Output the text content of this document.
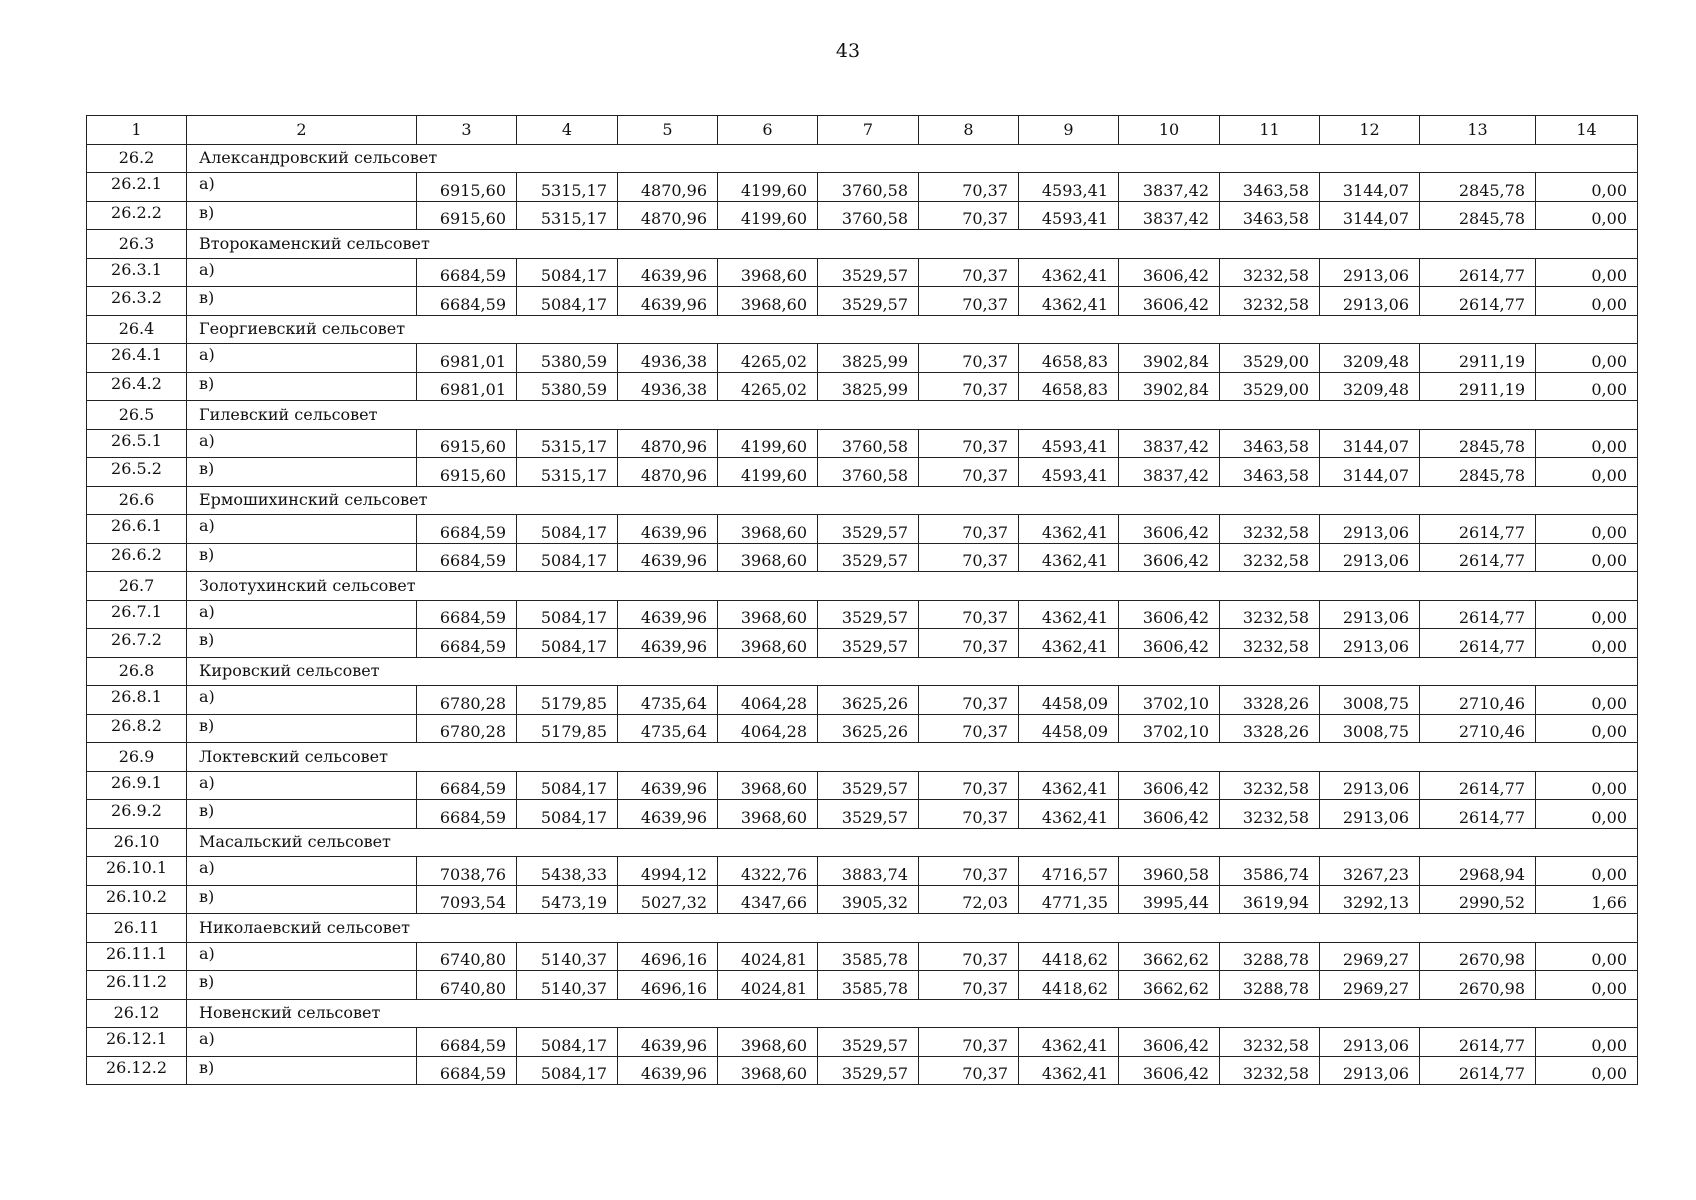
43
1	2	3	4	5	6	7	8	9	10	11	12	13	14
26.2	Александровский сельсовет												
26.2.1	а)	6915,60	5315,17	4870,96	4199,60	3760,58	70,37	4593,41	3837,42	3463,58	3144,07	2845,78	0,00
26.2.2	в)	6915,60	5315,17	4870,96	4199,60	3760,58	70,37	4593,41	3837,42	3463,58	3144,07	2845,78	0,00
26.3	Второкаменский сельсовет												
26.3.1	а)	6684,59	5084,17	4639,96	3968,60	3529,57	70,37	4362,41	3606,42	3232,58	2913,06	2614,77	0,00
26.3.2	в)	6684,59	5084,17	4639,96	3968,60	3529,57	70,37	4362,41	3606,42	3232,58	2913,06	2614,77	0,00
26.4	Георгиевский сельсовет												
26.4.1	а)	6981,01	5380,59	4936,38	4265,02	3825,99	70,37	4658,83	3902,84	3529,00	3209,48	2911,19	0,00
26.4.2	в)	6981,01	5380,59	4936,38	4265,02	3825,99	70,37	4658,83	3902,84	3529,00	3209,48	2911,19	0,00
26.5	Гилевский сельсовет												
26.5.1	а)	6915,60	5315,17	4870,96	4199,60	3760,58	70,37	4593,41	3837,42	3463,58	3144,07	2845,78	0,00
26.5.2	в)	6915,60	5315,17	4870,96	4199,60	3760,58	70,37	4593,41	3837,42	3463,58	3144,07	2845,78	0,00
26.6	Ермошихинский сельсовет												
26.6.1	а)	6684,59	5084,17	4639,96	3968,60	3529,57	70,37	4362,41	3606,42	3232,58	2913,06	2614,77	0,00
26.6.2	в)	6684,59	5084,17	4639,96	3968,60	3529,57	70,37	4362,41	3606,42	3232,58	2913,06	2614,77	0,00
26.7	Золотухинский сельсовет												
26.7.1	а)	6684,59	5084,17	4639,96	3968,60	3529,57	70,37	4362,41	3606,42	3232,58	2913,06	2614,77	0,00
26.7.2	в)	6684,59	5084,17	4639,96	3968,60	3529,57	70,37	4362,41	3606,42	3232,58	2913,06	2614,77	0,00
26.8	Кировский сельсовет												
26.8.1	а)	6780,28	5179,85	4735,64	4064,28	3625,26	70,37	4458,09	3702,10	3328,26	3008,75	2710,46	0,00
26.8.2	в)	6780,28	5179,85	4735,64	4064,28	3625,26	70,37	4458,09	3702,10	3328,26	3008,75	2710,46	0,00
26.9	Локтевский сельсовет												
26.9.1	а)	6684,59	5084,17	4639,96	3968,60	3529,57	70,37	4362,41	3606,42	3232,58	2913,06	2614,77	0,00
26.9.2	в)	6684,59	5084,17	4639,96	3968,60	3529,57	70,37	4362,41	3606,42	3232,58	2913,06	2614,77	0,00
26.10	Масальский сельсовет												
26.10.1	а)	7038,76	5438,33	4994,12	4322,76	3883,74	70,37	4716,57	3960,58	3586,74	3267,23	2968,94	0,00
26.10.2	в)	7093,54	5473,19	5027,32	4347,66	3905,32	72,03	4771,35	3995,44	3619,94	3292,13	2990,52	1,66
26.11	Николаевский сельсовет												
26.11.1	а)	6740,80	5140,37	4696,16	4024,81	3585,78	70,37	4418,62	3662,62	3288,78	2969,27	2670,98	0,00
26.11.2	в)	6740,80	5140,37	4696,16	4024,81	3585,78	70,37	4418,62	3662,62	3288,78	2969,27	2670,98	0,00
26.12	Новенский сельсовет												
26.12.1	а)	6684,59	5084,17	4639,96	3968,60	3529,57	70,37	4362,41	3606,42	3232,58	2913,06	2614,77	0,00
26.12.2	в)	6684,59	5084,17	4639,96	3968,60	3529,57	70,37	4362,41	3606,42	3232,58	2913,06	2614,77	0,00
